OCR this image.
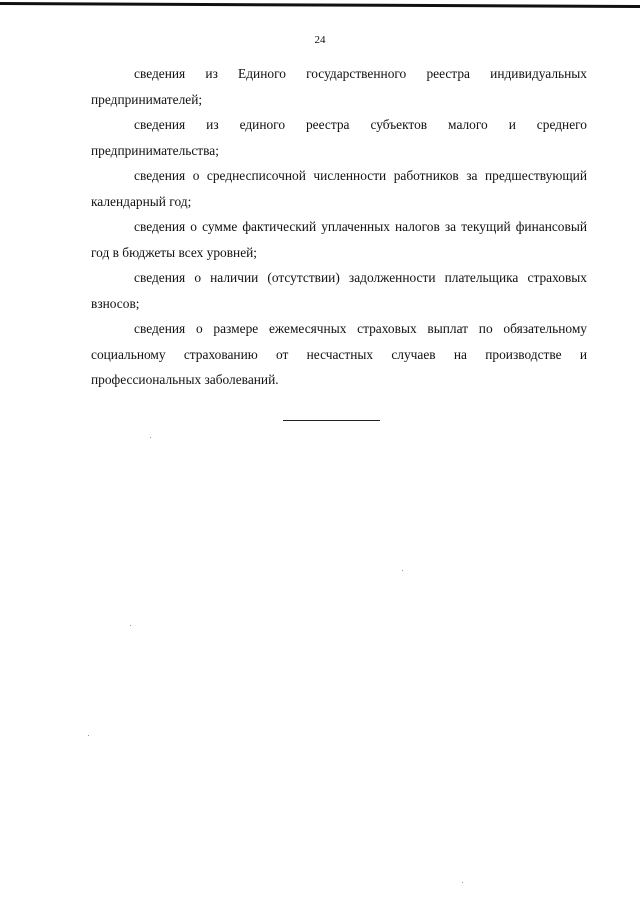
24

сведения из Единого государственного реестра индивидуальных предпринимателей;

сведения из единого реестра субъектов малого и среднего предпринимательства;

сведения о среднесписочной численности работников за предшествующий календарный год;

сведения о сумме фактический уплаченных налогов за текущий финансовый год в бюджеты всех уровней;

сведения о наличии (отсутствии) задолженности плательщика страховых взносов;

сведения о размере ежемесячных страховых выплат по обязательному социальному страхованию от несчастных случаев на производстве и профессиональных заболеваний.
